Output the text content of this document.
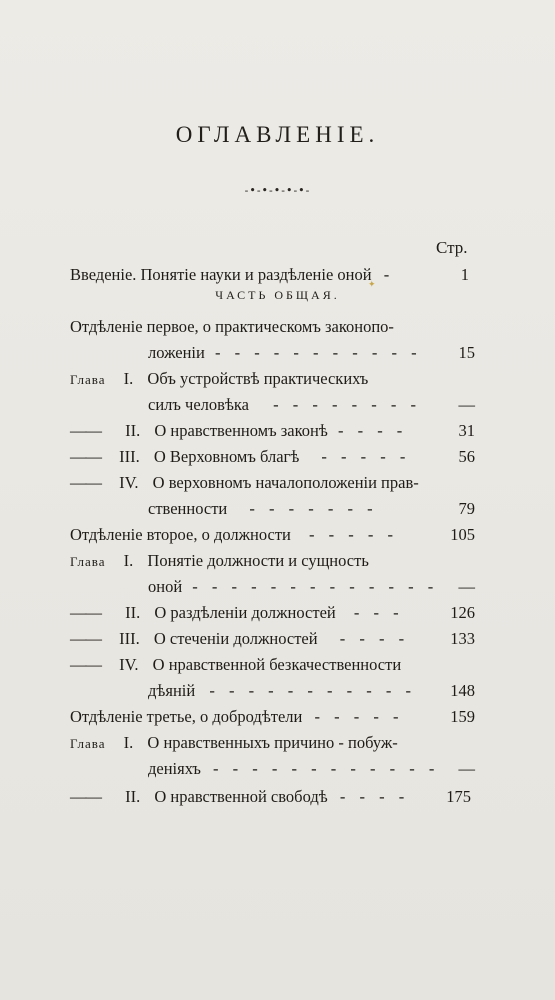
ОГЛАВЛЕНІЕ.
-•-•-•-•-•-
Стр.
Введеніе. Понятіе науки и раздѣленіе оной -	1
ЧАСТЬ ОБЩАЯ.
✦
Отдѣленіе первое, о практическомъ законопо-
ложеніи - - - - - - - - - - - 15
Глава I. Объ устройствѣ практическихъ
силъ человѣка - - - - - - - - —
—— II. О нравственномъ законѣ - - - -	31
—— III. О Верховномъ благѣ - - - - -	56
—— IV. О верховномъ началоположеніи прав-
ственности - - - - - - -	79
Отдѣленіе второе, о должности - - - - -	105
Глава I. Понятіе должности и сущность
оной - - - - - - - - - - - - - —
—— II. О раздѣленіи должностей - - -	126
—— III. О стеченіи должностей - - - - 133
—— IV. О нравственной безкачественности
дѣяній - - - - - - - - - - - 148
Отдѣленіе третье, о добродѣтели - - - - -	159
Глава I. О нравственныхъ причино - побуж-
деніяхъ - - - - - - - - - - - - —
—— II. О нравственной свободѣ - - - - 175
